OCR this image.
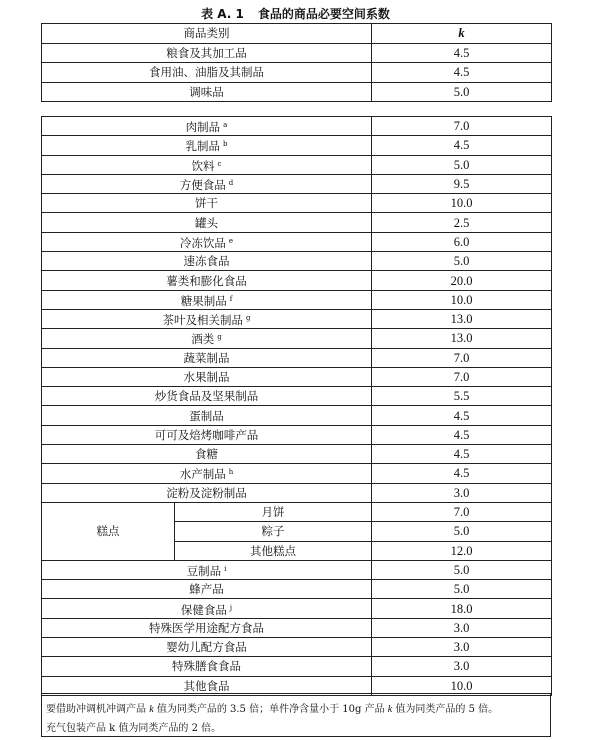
表 A. 1 食品的商品必要空间系数
商品类别	k
粮食及其加工品	4.5
食用油、油脂及其制品	4.5
调味品	5.0
肉制品 $^a$		7.0
乳制品 $^b$		4.5
饮料 $^c$		5.0
方便食品 $^d$		9.5
饼干		10.0
罐头		2.5
冷冻饮品 $^e$		6.0
速冻食品		5.0
薯类和膨化食品		20.0
糖果制品 $^f$		10.0
茶叶及相关制品 $^g$		13.0
酒类 $^g$		13.0
蔬菜制品		7.0
水果制品		7.0
炒货食品及坚果制品		5.5
蛋制品		4.5
可可及焙烤咖啡产品		4.5
食糖		4.5
水产制品 $^h$		4.5
淀粉及淀粉制品		3.0
糕点	月饼	7.0
	粽子	5.0
	其他糕点	12.0
豆制品 $^i$		5.0
蜂产品		5.0
保健食品 $^j$		18.0
特殊医学用途配方食品		3.0
婴幼儿配方食品		3.0
特殊膳食食品		3.0
其他食品		10.0
要借助冲调机冲调产品 k 值为同类产品的 3.5 倍；单件净含量小于 10g 产品 k 值为同类产品的 5 倍。
充气包装产品 k 值为同类产品的 2 倍。
